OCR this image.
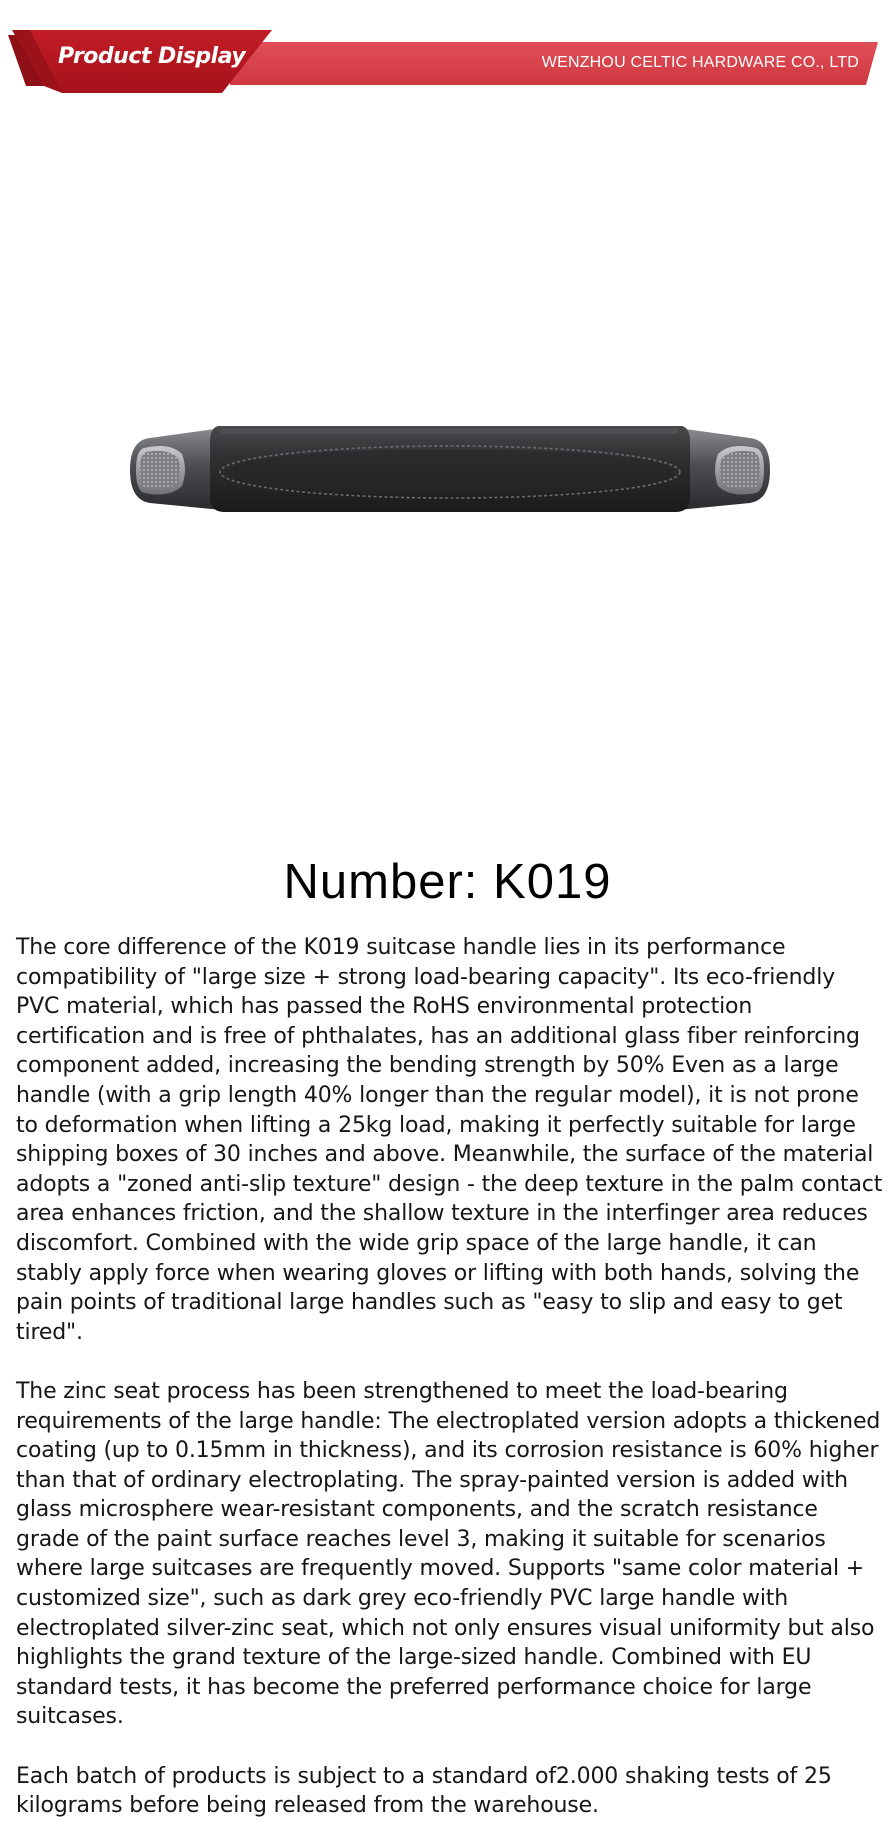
Product Display	WENZHOU CELTIC HARDWARE CO., LTD
Number: K019

The core difference of the K019 suitcase handle lies in its performance compatibility of "large size + strong load-bearing capacity". Its eco-friendly PVC material, which has passed the RoHS environmental protection certification and is free of phthalates, has an additional glass fiber reinforcing component added, increasing the bending strength by 50% Even as a large handle (with a grip length 40% longer than the regular model), it is not prone to deformation when lifting a 25kg load, making it perfectly suitable for large shipping boxes of 30 inches and above. Meanwhile, the surface of the material adopts a "zoned anti-slip texture" design - the deep texture in the palm contact area enhances friction, and the shallow texture in the interfinger area reduces discomfort. Combined with the wide grip space of the large handle, it can stably apply force when wearing gloves or lifting with both hands, solving the pain points of traditional large handles such as "easy to slip and easy to get tired".

The zinc seat process has been strengthened to meet the load-bearing requirements of the large handle: The electroplated version adopts a thickened coating (up to 0.15mm in thickness), and its corrosion resistance is 60% higher than that of ordinary electroplating. The spray-painted version is added with glass microsphere wear-resistant components, and the scratch resistance grade of the paint surface reaches level 3, making it suitable for scenarios where large suitcases are frequently moved. Supports "same color material + customized size", such as dark grey eco-friendly PVC large handle with electroplated silver-zinc seat, which not only ensures visual uniformity but also highlights the grand texture of the large-sized handle. Combined with EU standard tests, it has become the preferred performance choice for large suitcases.

Each batch of products is subject to a standard of2.000 shaking tests of 25 kilograms before being released from the warehouse.
